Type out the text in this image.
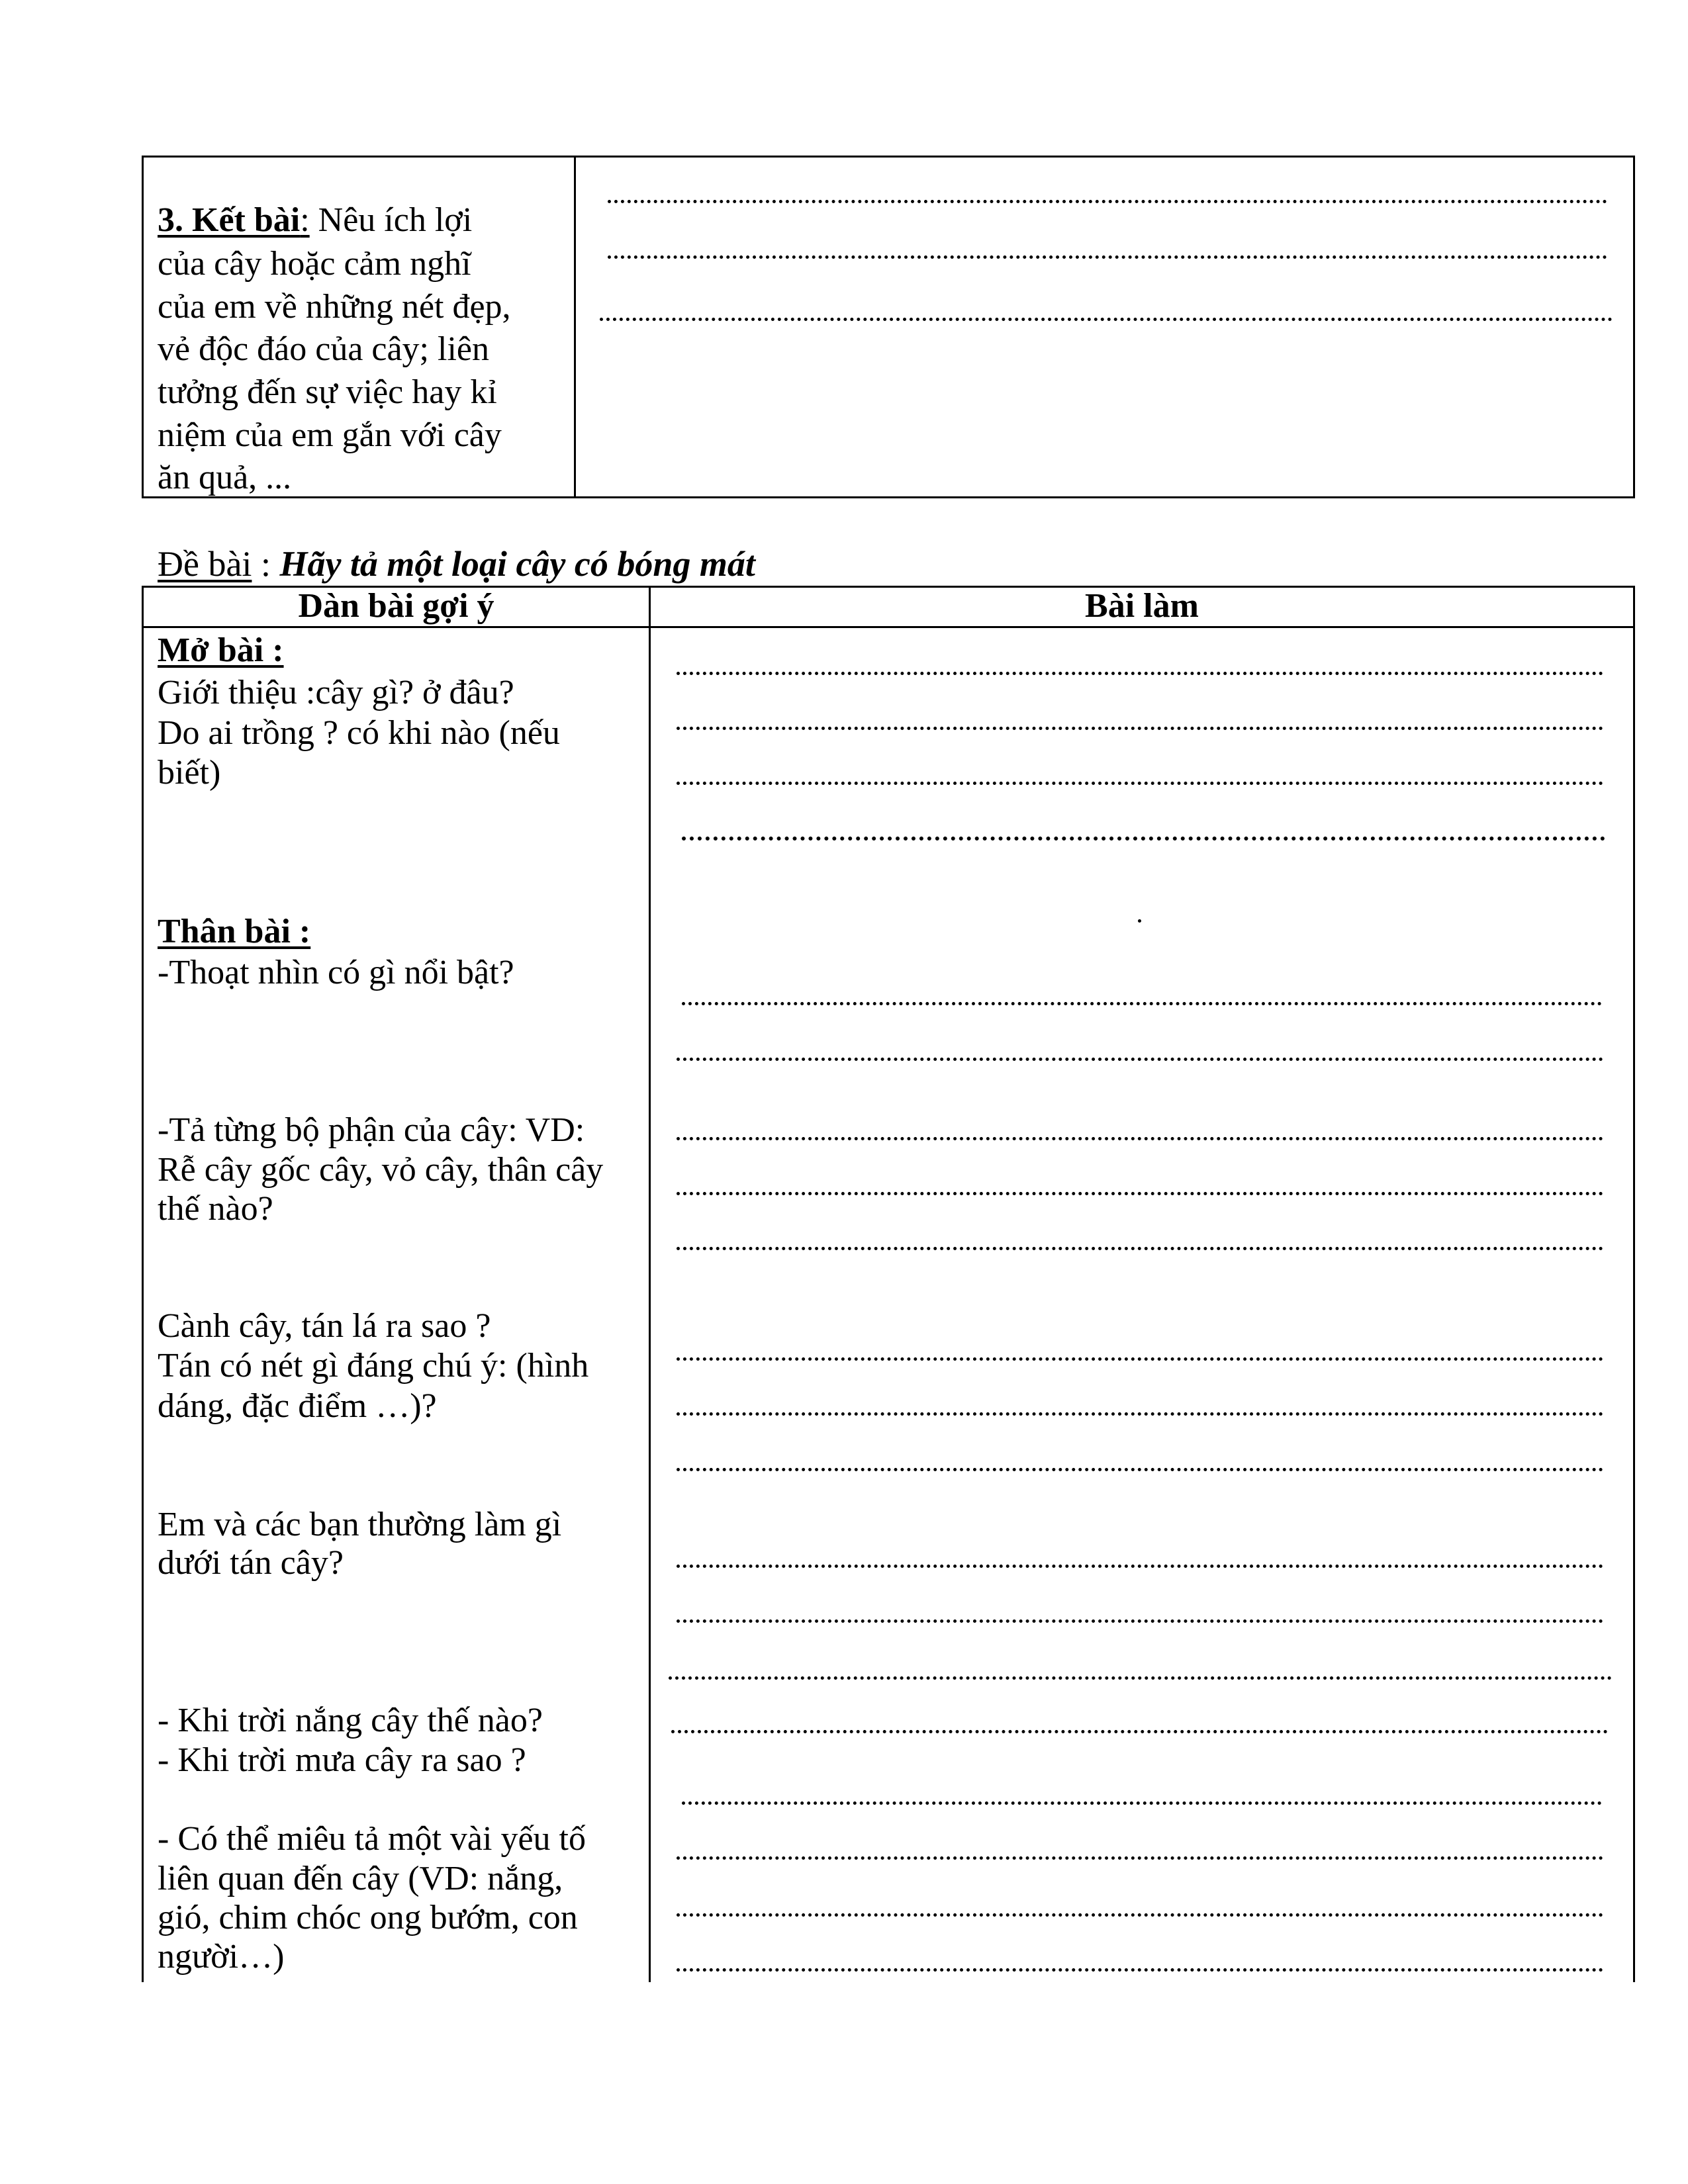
3. Kết bài: Nêu ích lợi
của cây hoặc cảm nghĩ
của em về những nét đẹp,
vẻ độc đáo của cây; liên
tưởng đến sự việc hay kỉ
niệm của em gắn với cây
ăn quả, ...
Đề bài : Hãy tả một loại cây có bóng mát
Dàn bài gợi ý	Bài làm
Mở bài :
Giới thiệu :cây gì? ở đâu?
Do ai trồng ? có khi nào (nếu
biết)
Thân bài :
-Thoạt nhìn có gì nổi bật?
-Tả từng bộ phận của cây: VD:
Rễ cây gốc cây, vỏ cây, thân cây
thế nào?
Cành cây, tán lá ra sao ?
Tán có nét gì đáng chú ý: (hình
dáng, đặc điểm …)?
Em và các bạn thường làm gì
dưới tán cây?
- Khi trời nắng cây thế nào?
- Khi trời mưa cây ra sao ?
- Có thể miêu tả một vài yếu tố
liên quan đến cây (VD: nắng,
gió, chim chóc ong bướm, con
người…)
